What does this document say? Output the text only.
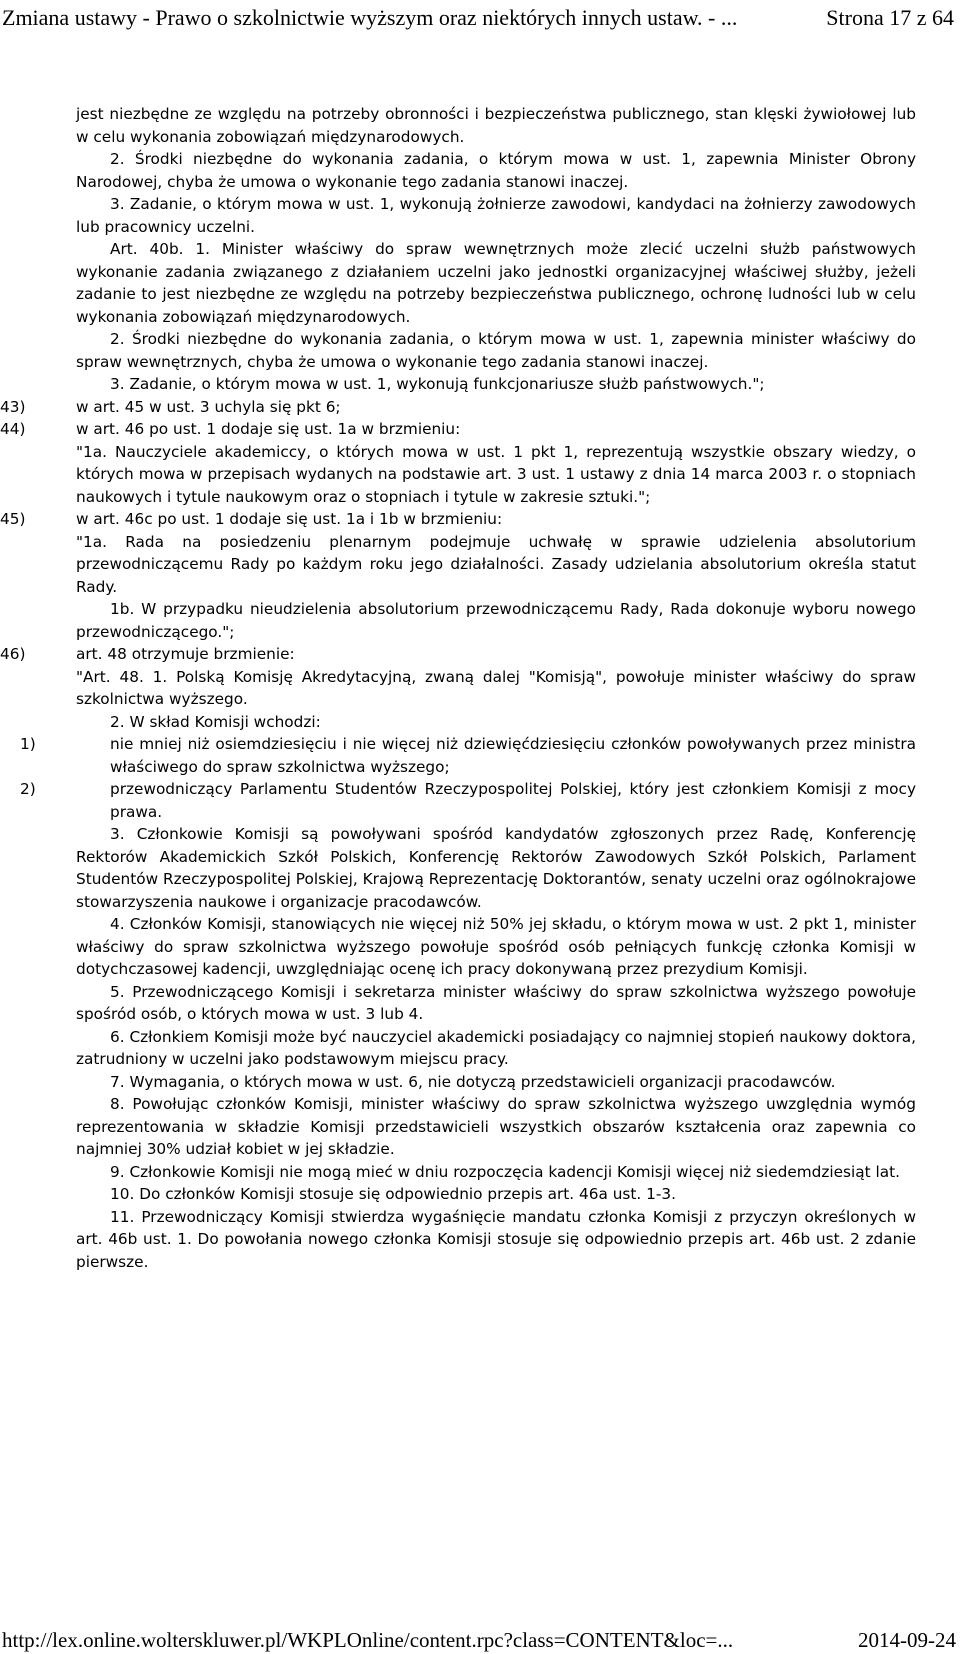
Zmiana ustawy - Prawo o szkolnictwie wyższym oraz niektórych innych ustaw. - ...	Strona 17 z 64

jest niezbędne ze względu na potrzeby obronności i bezpieczeństwa publicznego, stan klęski żywiołowej lub w celu wykonania zobowiązań międzynarodowych.

2. Środki niezbędne do wykonania zadania, o którym mowa w ust. 1, zapewnia Minister Obrony Narodowej, chyba że umowa o wykonanie tego zadania stanowi inaczej.

3. Zadanie, o którym mowa w ust. 1, wykonują żołnierze zawodowi, kandydaci na żołnierzy zawodowych lub pracownicy uczelni.

Art. 40b. 1. Minister właściwy do spraw wewnętrznych może zlecić uczelni służb państwowych wykonanie zadania związanego z działaniem uczelni jako jednostki organizacyjnej właściwej służby, jeżeli zadanie to jest niezbędne ze względu na potrzeby bezpieczeństwa publicznego, ochronę ludności lub w celu wykonania zobowiązań międzynarodowych.

2. Środki niezbędne do wykonania zadania, o którym mowa w ust. 1, zapewnia minister właściwy do spraw wewnętrznych, chyba że umowa o wykonanie tego zadania stanowi inaczej.

3. Zadanie, o którym mowa w ust. 1, wykonują funkcjonariusze służb państwowych.";

43)	w art. 45 w ust. 3 uchyla się pkt 6;
44)	w art. 46 po ust. 1 dodaje się ust. 1a w brzmieniu:

"1a. Nauczyciele akademiccy, o których mowa w ust. 1 pkt 1, reprezentują wszystkie obszary wiedzy, o których mowa w przepisach wydanych na podstawie art. 3 ust. 1 ustawy z dnia 14 marca 2003 r. o stopniach naukowych i tytule naukowym oraz o stopniach i tytule w zakresie sztuki.";

45)	w art. 46c po ust. 1 dodaje się ust. 1a i 1b w brzmieniu:

"1a. Rada na posiedzeniu plenarnym podejmuje uchwałę w sprawie udzielenia absolutorium przewodniczącemu Rady po każdym roku jego działalności. Zasady udzielania absolutorium określa statut Rady.

1b. W przypadku nieudzielenia absolutorium przewodniczącemu Rady, Rada dokonuje wyboru nowego przewodniczącego.";

46)	art. 48 otrzymuje brzmienie:

"Art. 48. 1. Polską Komisję Akredytacyjną, zwaną dalej "Komisją", powołuje minister właściwy do spraw szkolnictwa wyższego.

2. W skład Komisji wchodzi:

1)	nie mniej niż osiemdziesięciu i nie więcej niż dziewięćdziesięciu członków powoływanych przez ministra właściwego do spraw szkolnictwa wyższego;
2)	przewodniczący Parlamentu Studentów Rzeczypospolitej Polskiej, który jest członkiem Komisji z mocy prawa.

3. Członkowie Komisji są powoływani spośród kandydatów zgłoszonych przez Radę, Konferencję Rektorów Akademickich Szkół Polskich, Konferencję Rektorów Zawodowych Szkół Polskich, Parlament Studentów Rzeczypospolitej Polskiej, Krajową Reprezentację Doktorantów, senaty uczelni oraz ogólnokrajowe stowarzyszenia naukowe i organizacje pracodawców.

4. Członków Komisji, stanowiących nie więcej niż 50% jej składu, o którym mowa w ust. 2 pkt 1, minister właściwy do spraw szkolnictwa wyższego powołuje spośród osób pełniących funkcję członka Komisji w dotychczasowej kadencji, uwzględniając ocenę ich pracy dokonywaną przez prezydium Komisji.

5. Przewodniczącego Komisji i sekretarza minister właściwy do spraw szkolnictwa wyższego powołuje spośród osób, o których mowa w ust. 3 lub 4.

6. Członkiem Komisji może być nauczyciel akademicki posiadający co najmniej stopień naukowy doktora, zatrudniony w uczelni jako podstawowym miejscu pracy.

7. Wymagania, o których mowa w ust. 6, nie dotyczą przedstawicieli organizacji pracodawców.

8. Powołując członków Komisji, minister właściwy do spraw szkolnictwa wyższego uwzględnia wymóg reprezentowania w składzie Komisji przedstawicieli wszystkich obszarów kształcenia oraz zapewnia co najmniej 30% udział kobiet w jej składzie.

9. Członkowie Komisji nie mogą mieć w dniu rozpoczęcia kadencji Komisji więcej niż siedemdziesiąt lat.

10. Do członków Komisji stosuje się odpowiednio przepis art. 46a ust. 1-3.

11. Przewodniczący Komisji stwierdza wygaśnięcie mandatu członka Komisji z przyczyn określonych w art. 46b ust. 1. Do powołania nowego członka Komisji stosuje się odpowiednio przepis art. 46b ust. 2 zdanie pierwsze.

http://lex.online.wolterskluwer.pl/WKPLOnline/content.rpc?class=CONTENT&loc=...	2014-09-24
